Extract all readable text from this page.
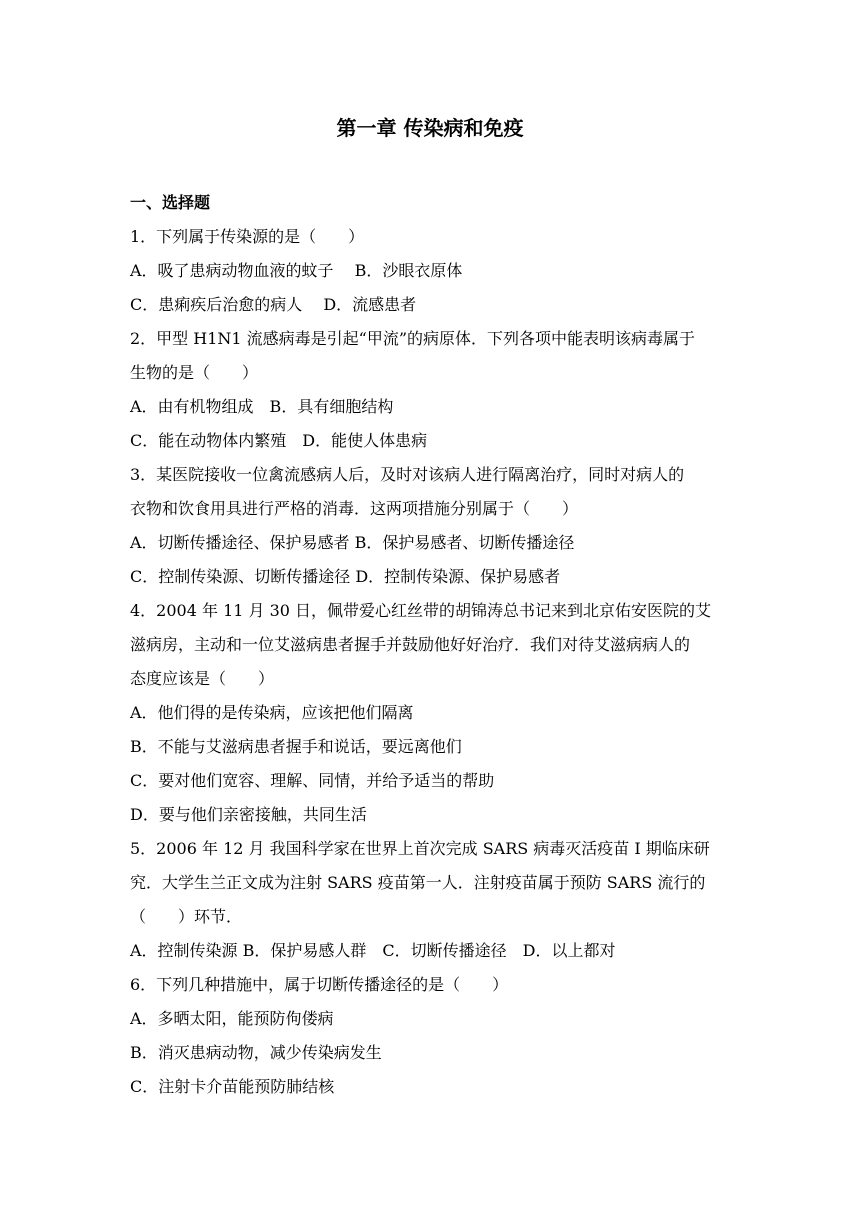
第一章 传染病和免疫

一、选择题

1．下列属于传染源的是（　　）

A．吸了患病动物血液的蚊子　 B．沙眼衣原体

C．患痢疾后治愈的病人　 D．流感患者

2．甲型 H1N1 流感病毒是引起“甲流”的病原体．下列各项中能表明该病毒属于

生物的是（　　）

A．由有机物组成　B．具有细胞结构

C．能在动物体内繁殖　D．能使人体患病

3．某医院接收一位禽流感病人后，及时对该病人进行隔离治疗，同时对病人的

衣物和饮食用具进行严格的消毒．这两项措施分别属于（　　）

A．切断传播途径、保护易感者 B．保护易感者、切断传播途径

C．控制传染源、切断传播途径 D．控制传染源、保护易感者

4．2004 年 11 月 30 日，佩带爱心红丝带的胡锦涛总书记来到北京佑安医院的艾

滋病房，主动和一位艾滋病患者握手并鼓励他好好治疗．我们对待艾滋病病人的

态度应该是（　　）

A．他们得的是传染病，应该把他们隔离

B．不能与艾滋病患者握手和说话，要远离他们

C．要对他们宽容、理解、同情，并给予适当的帮助

D．要与他们亲密接触，共同生活

5．2006 年 12 月 我国科学家在世界上首次完成 SARS 病毒灭活疫苗 I 期临床研

究．大学生兰正文成为注射 SARS 疫苗第一人．注射疫苗属于预防 SARS 流行的

（　　）环节．

A．控制传染源 B．保护易感人群　C．切断传播途径　D．以上都对

6．下列几种措施中，属于切断传播途径的是（　　）

A．多晒太阳，能预防佝偻病

B．消灭患病动物，减少传染病发生

C．注射卡介苗能预防肺结核
